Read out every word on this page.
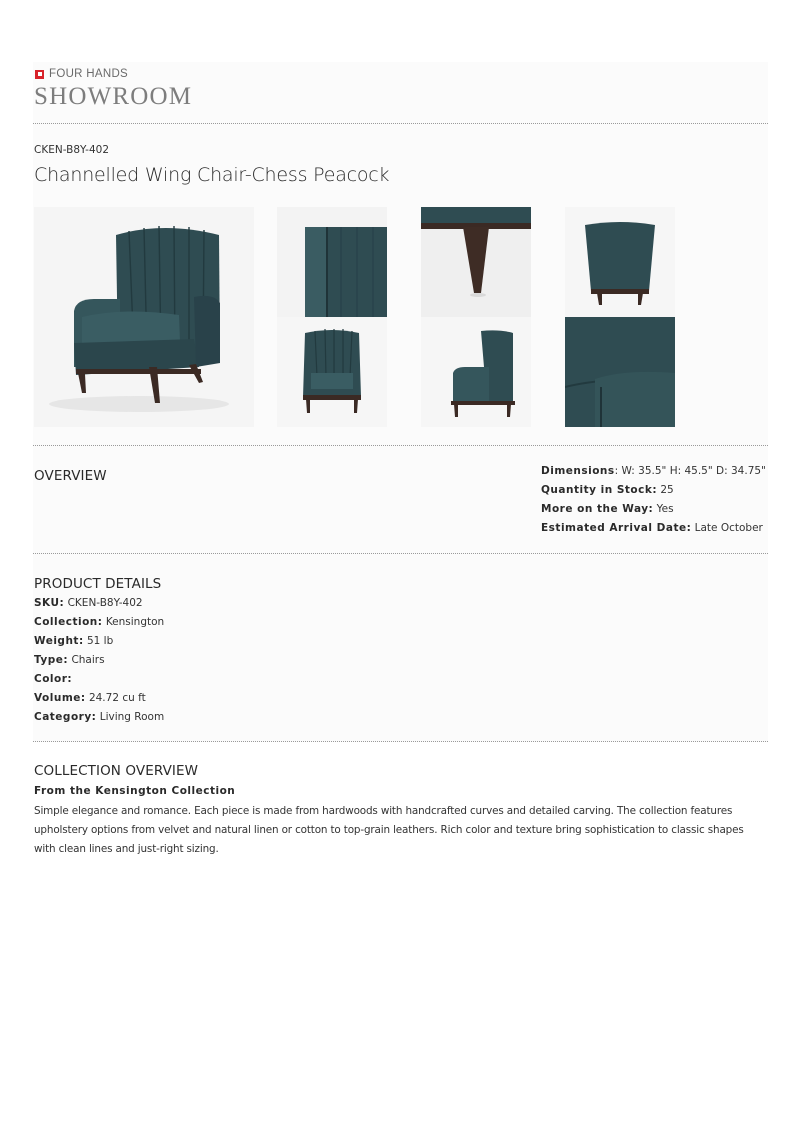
FOUR HANDS
SHOWROOM
CKEN-B8Y-402
Channelled Wing Chair-Chess Peacock
OVERVIEW	Dimensions: W: 35.5" H: 45.5" D: 34.75"
Quantity in Stock: 25
More on the Way: Yes
Estimated Arrival Date: Late October
PRODUCT DETAILS
SKU: CKEN-B8Y-402
Collection: Kensington
Weight: 51 lb
Type: Chairs
Color:
Volume: 24.72 cu ft
Category: Living Room
COLLECTION OVERVIEW
From the Kensington Collection
Simple elegance and romance. Each piece is made from hardwoods with handcrafted curves and detailed carving. The collection features upholstery options from velvet and natural linen or cotton to top-grain leathers. Rich color and texture bring sophistication to classic shapes with clean lines and just-right sizing.
